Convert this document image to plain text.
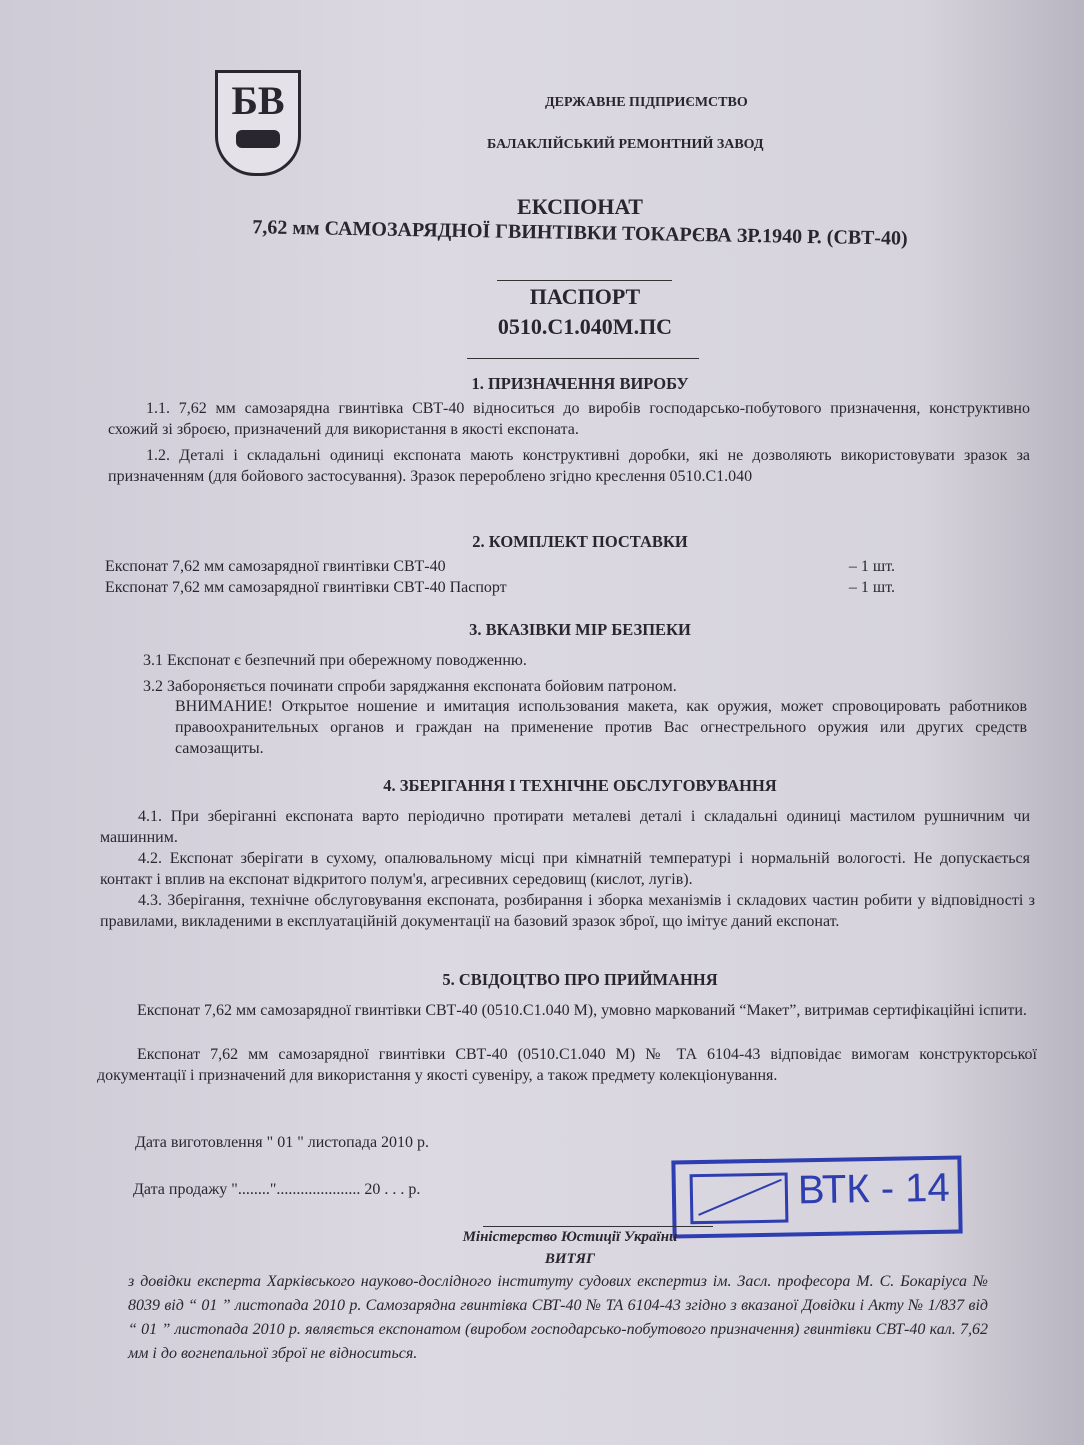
БВ	ДЕРЖАВНЕ ПІДПРИЄМСТВО
БАЛАКЛІЙСЬКИЙ РЕМОНТНИЙ ЗАВОД
ЕКСПОНАТ
7,62 мм САМОЗАРЯДНОЇ ГВИНТІВКИ ТОКАРЄВА ЗР.1940 Р. (СВТ-40)
ПАСПОРТ
0510.С1.040М.ПС
1. ПРИЗНАЧЕННЯ ВИРОБУ
1.1. 7,62 мм самозарядна гвинтівка СВТ-40 відноситься до виробів господарсько-побутового призначення, конструктивно схожий зі зброєю, призначений для використання в якості експоната.
1.2. Деталі і складальні одиниці експоната мають конструктивні доробки, які не дозволяють використовувати зразок за призначенням (для бойового застосування). Зразок перероблено згідно креслення 0510.С1.040
2. КОМПЛЕКТ ПОСТАВКИ
Експонат 7,62 мм самозарядної гвинтівки СВТ-40	– 1 шт.
Експонат 7,62 мм самозарядної гвинтівки СВТ-40 Паспорт	– 1 шт.
3. ВКАЗІВКИ МІР БЕЗПЕКИ
3.1 Експонат є безпечний при обережному поводженню.
3.2 Забороняється починати спроби заряджання експоната бойовим патроном.
ВНИМАНИЕ! Открытое ношение и имитация использования макета, как оружия, может спровоцировать работников правоохранительных органов и граждан на применение против Вас огнестрельного оружия или других средств самозащиты.
4. ЗБЕРІГАННЯ І ТЕХНІЧНЕ ОБСЛУГОВУВАННЯ
4.1. При зберіганні експоната варто періодично протирати металеві деталі і складальні одиниці мастилом рушничним чи машинним.
4.2. Експонат зберігати в сухому, опалювальному місці при кімнатній температурі і нормальній вологості. Не допускається контакт і вплив на експонат відкритого полум'я, агресивних середовищ (кислот, лугів).
4.3. Зберігання, технічне обслуговування експоната, розбирання і зборка механізмів і складових частин робити у відповідності з правилами, викладеними в експлуатаційній документації на базовий зразок зброї, що імітує даний експонат.
5. СВІДОЦТВО ПРО ПРИЙМАННЯ
Експонат 7,62 мм самозарядної гвинтівки СВТ-40 (0510.С1.040 М), умовно маркований “Макет”, витримав сертифікаційні іспити.
Експонат 7,62 мм самозарядної гвинтівки СВТ-40 (0510.С1.040 М) № ТА 6104-43 відповідає вимогам конструкторської документації і призначений для використання у якості сувеніру, а також предмету колекціонування.
Дата виготовлення " 01 " листопада 2010 р.
Дата продажу "........"..................... 20 . . . р.	ВТК - 14
Міністерство Юстиції України
ВИТЯГ
з довідки експерта Харківського науково-дослідного інституту судових експертиз ім. Засл. професора М. С. Бокаріуса № 8039 від “ 01 ” листопада 2010 р. Самозарядна гвинтівка СВТ-40 № ТА 6104-43 згідно з вказаної Довідки і Акту № 1/837 від “ 01 ” листопада 2010 р. являється експонатом (виробом господарсько-побутового призначення) гвинтівки СВТ-40 кал. 7,62 мм і до вогнепальної зброї не відноситься.
